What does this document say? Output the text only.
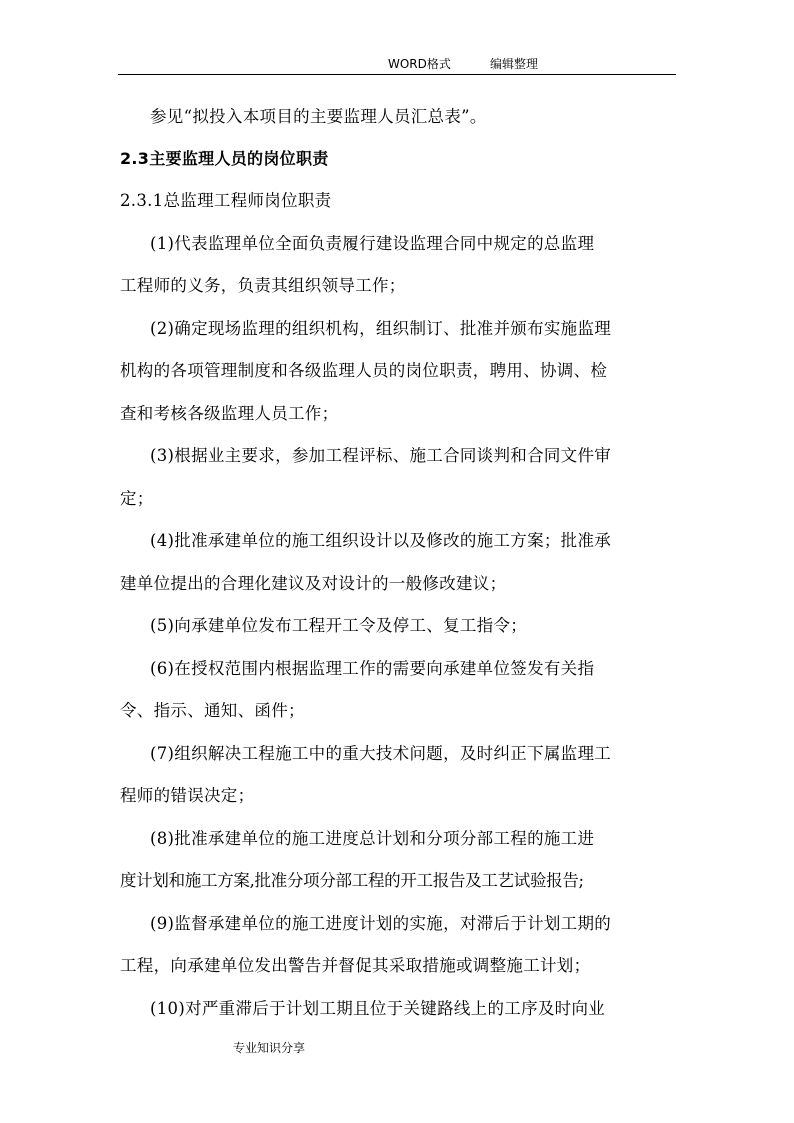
WORD格式	编辑整理
参见“拟投入本项目的主要监理人员汇总表”。
2.3主要监理人员的岗位职责
2.3.1总监理工程师岗位职责
(1)代表监理单位全面负责履行建设监理合同中规定的总监理
工程师的义务，负责其组织领导工作；
(2)确定现场监理的组织机构，组织制订、批准并颁布实施监理
机构的各项管理制度和各级监理人员的岗位职责，聘用、协调、检
查和考核各级监理人员工作；
(3)根据业主要求，参加工程评标、施工合同谈判和合同文件审
定；
(4)批准承建单位的施工组织设计以及修改的施工方案；批准承
建单位提出的合理化建议及对设计的一般修改建议；
(5)向承建单位发布工程开工令及停工、复工指令；
(6)在授权范围内根据监理工作的需要向承建单位签发有关指
令、指示、通知、函件；
(7)组织解决工程施工中的重大技术问题，及时纠正下属监理工
程师的错误决定；
(8)批准承建单位的施工进度总计划和分项分部工程的施工进
度计划和施工方案,批准分项分部工程的开工报告及工艺试验报告;
(9)监督承建单位的施工进度计划的实施，对滞后于计划工期的
工程，向承建单位发出警告并督促其采取措施或调整施工计划；
(10)对严重滞后于计划工期且位于关键路线上的工序及时向业
专业知识分享
